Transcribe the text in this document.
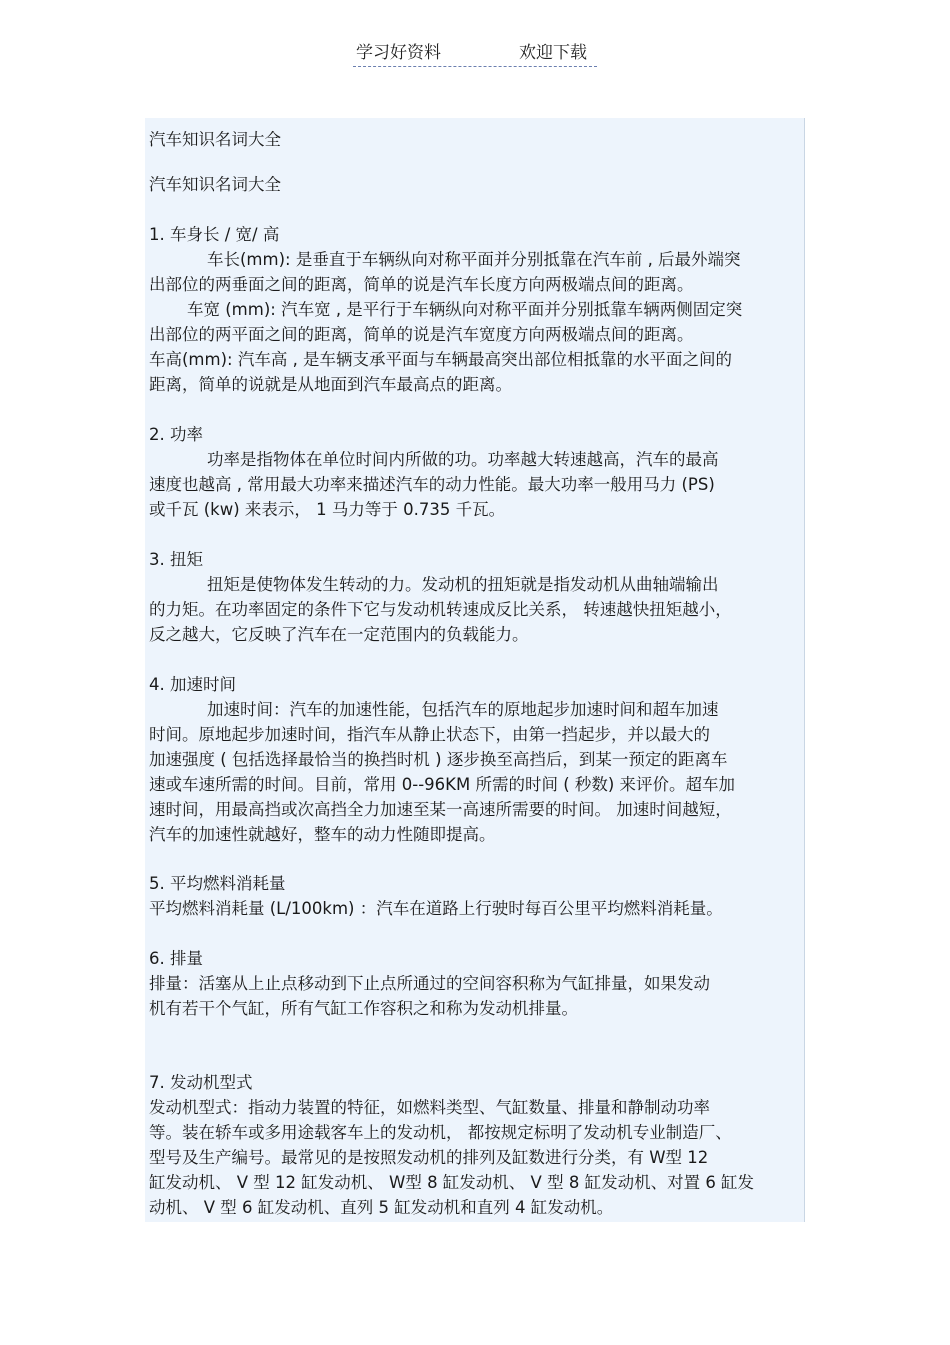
学习好资料	欢迎下载
汽车知识名词大全
汽车知识名词大全
1. 车身长 / 宽/ 高
车长(mm): 是垂直于车辆纵向对称平面并分别抵靠在汽车前 , 后最外端突
出部位的两垂面之间的距离，简单的说是汽车长度方向两极端点间的距离。
车宽 (mm): 汽车宽 , 是平行于车辆纵向对称平面并分别抵靠车辆两侧固定突
出部位的两平面之间的距离，简单的说是汽车宽度方向两极端点间的距离。
车高(mm): 汽车高 , 是车辆支承平面与车辆最高突出部位相抵靠的水平面之间的
距离，简单的说就是从地面到汽车最高点的距离。
2. 功率
功率是指物体在单位时间内所做的功。功率越大转速越高，汽车的最高
速度也越高 , 常用最大功率来描述汽车的动力性能。最大功率一般用马力 (PS)
或千瓦 (kw) 来表示， 1 马力等于 0.735 千瓦。
3. 扭矩
扭矩是使物体发生转动的力。发动机的扭矩就是指发动机从曲轴端输出
的力矩。在功率固定的条件下它与发动机转速成反比关系， 转速越快扭矩越小，
反之越大，它反映了汽车在一定范围内的负载能力。
4. 加速时间
加速时间：汽车的加速性能，包括汽车的原地起步加速时间和超车加速
时间。原地起步加速时间，指汽车从静止状态下，由第一挡起步，并以最大的
加速强度 ( 包括选择最恰当的换挡时机 ) 逐步换至高挡后，到某一预定的距离车
速或车速所需的时间。目前，常用 0--96KM 所需的时间 ( 秒数) 来评价。超车加
速时间，用最高挡或次高挡全力加速至某一高速所需要的时间。 加速时间越短，
汽车的加速性就越好，整车的动力性随即提高。
5. 平均燃料消耗量
平均燃料消耗量 (L/100km) ：汽车在道路上行驶时每百公里平均燃料消耗量。
6. 排量
排量：活塞从上止点移动到下止点所通过的空间容积称为气缸排量，如果发动
机有若干个气缸，所有气缸工作容积之和称为发动机排量。
7. 发动机型式
发动机型式：指动力装置的特征，如燃料类型、气缸数量、排量和静制动功率
等。装在轿车或多用途载客车上的发动机， 都按规定标明了发动机专业制造厂、
型号及生产编号。最常见的是按照发动机的排列及缸数进行分类，有 W型 12
缸发动机、 V 型 12 缸发动机、 W型 8 缸发动机、 V 型 8 缸发动机、对置 6 缸发
动机、 V 型 6 缸发动机、直列 5 缸发动机和直列 4 缸发动机。
